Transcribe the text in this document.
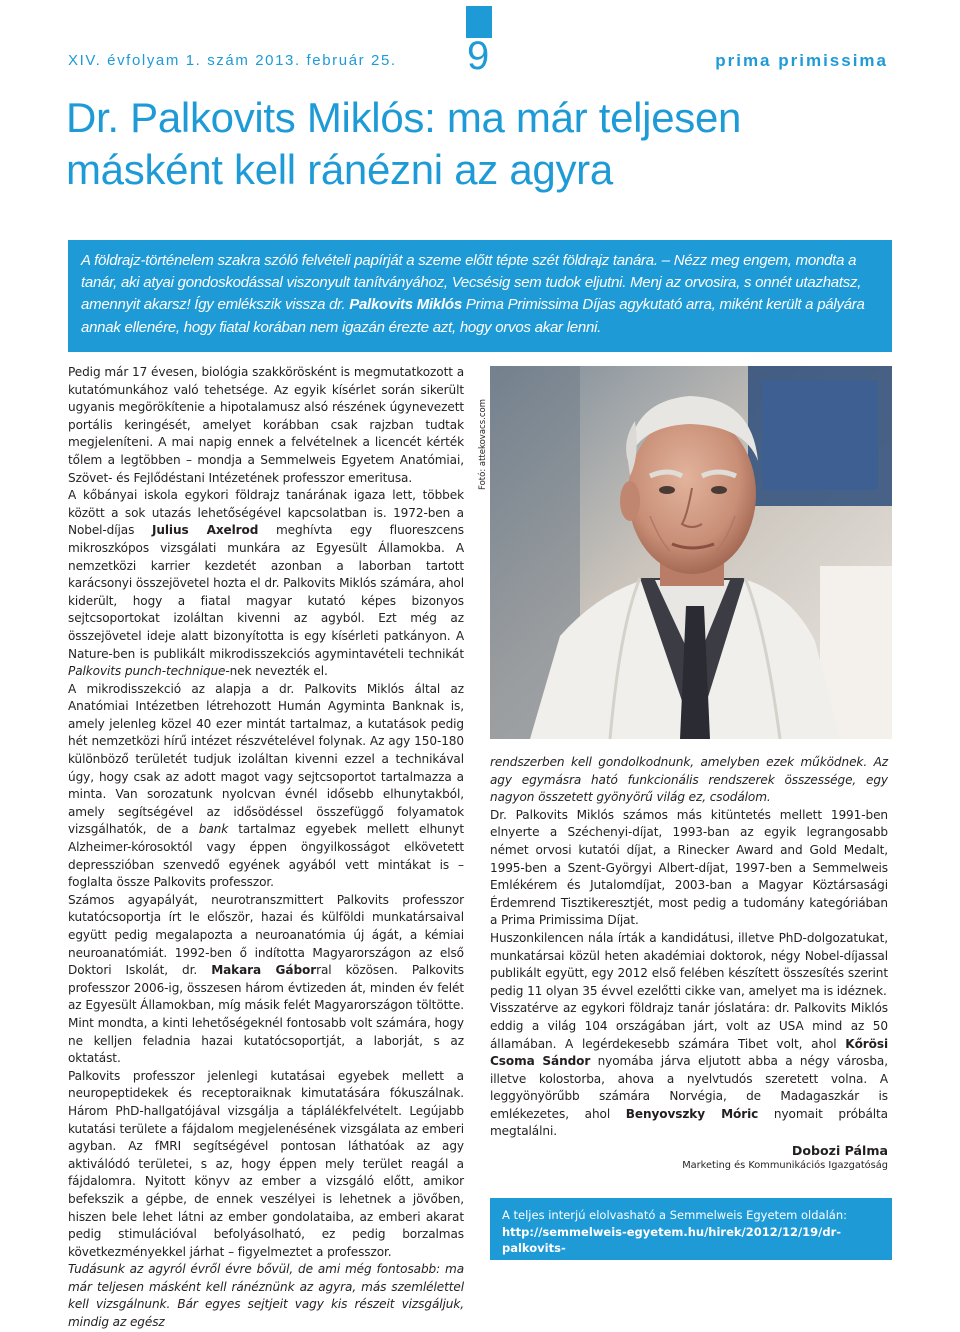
XIV. évfolyam 1. szám 2013. február 25. 9	prima primissima
Dr. Palkovits Miklós: ma már teljesen másként kell ránézni az agyra

A földrajz-történelem szakra szóló felvételi papírját a szeme előtt tépte szét földrajz tanára. – Nézz meg engem, mondta a tanár, aki atyai gondoskodással viszonyult tanítványához, Vecsésig sem tudok eljutni. Menj az orvosira, s onnét utazhatsz, amennyit akarsz! Így emlékszik vissza dr. Palkovits Miklós Prima Primissima Díjas agykutató arra, miként került a pályára annak ellenére, hogy fiatal korában nem igazán érezte azt, hogy orvos akar lenni.

Pedig már 17 évesen, biológia szakkörösként is megmutatkozott a kutatómunkához való tehetsége. Az egyik kísérlet során sikerült ugyanis megörökítenie a hipotalamusz alsó részének úgynevezett portális keringését, amelyet korábban csak rajzban tudtak megjeleníteni. A mai napig ennek a felvételnek a licencét kérték tőlem a legtöbben – mondja a Semmelweis Egyetem Anatómiai, Szövet- és Fejlődéstani Intézetének professzor emeritusa.

A kőbányai iskola egykori földrajz tanárának igaza lett, többek között a sok utazás lehetőségével kapcsolatban is. 1972-ben a Nobel-díjas Julius Axelrod meghívta egy fluoreszcens mikroszkópos vizsgálati munkára az Egyesült Államokba. A nemzetközi karrier kezdetét azonban a laborban tartott karácsonyi összejövetel hozta el dr. Palkovits Miklós számára, ahol kiderült, hogy a fiatal magyar kutató képes bizonyos sejtcsoportokat izoláltan kivenni az agyból. Ezt még az összejövetel ideje alatt bizonyította is egy kísérleti patkányon. A Nature-ben is publikált mikrodisszekciós agymintavételi technikát Palkovits punch-technique-nek nevezték el.

A mikrodisszekció az alapja a dr. Palkovits Miklós által az Anatómiai Intézetben létrehozott Humán Agyminta Banknak is, amely jelenleg közel 40 ezer mintát tartalmaz, a kutatások pedig hét nemzetközi hírű intézet részvételével folynak. Az agy 150-180 különböző területét tudjuk izoláltan kivenni ezzel a technikával úgy, hogy csak az adott magot vagy sejtcsoportot tartalmazza a minta. Van sorozatunk nyolcvan évnél idősebb elhunytakból, amely segítségével az idősödéssel összefüggő folyamatok vizsgálhatók, de a bank tartalmaz egyebek mellett elhunyt Alzheimer-kórosoktól vagy éppen öngyilkosságot elkövetett depresszióban szenvedő egyének agyából vett mintákat is – foglalta össze Palkovits professzor.

Számos agyapályát, neurotranszmittert Palkovits professzor kutatócsoportja írt le először, hazai és külföldi munkatársaival együtt pedig megalapozta a neuroanatómia új ágát, a kémiai neuroanatómiát. 1992-ben ő indította Magyarországon az első Doktori Iskolát, dr. Makara Gáborral közösen. Palkovits professzor 2006-ig, összesen három évtizeden át, minden év felét az Egyesült Államokban, míg másik felét Magyarországon töltötte. Mint mondta, a kinti lehetőségeknél fontosabb volt számára, hogy ne kelljen feladnia hazai kutatócsoportját, a laborját, s az oktatást.

Palkovits professzor jelenlegi kutatásai egyebek mellett a neuropeptidekek és receptoraiknak kimutatására fókuszálnak. Három PhD-hallgatójával vizsgálja a táplálékfelvételt. Legújabb kutatási területe a fájdalom megjelenésének vizsgálata az emberi agyban. Az fMRI segítségével pontosan láthatóak az agy aktiválódó területei, s az, hogy éppen mely terület reagál a fájdalomra. Nyitott könyv az ember a vizsgáló előtt, amikor befekszik a gépbe, de ennek veszélyei is lehetnek a jövőben, hiszen bele lehet látni az ember gondolataiba, az emberi akarat pedig stimulációval befolyásolható, ez pedig borzalmas következményekkel járhat – figyelmeztet a professzor.

Tudásunk az agyról évről évre bővül, de ami még fontosabb: ma már teljesen másként kell ránéznünk az agyra, más szemlélettel kell vizsgálnunk. Bár egyes sejtjeit vagy kis részeit vizsgáljuk, mindig az egész

Fotó: attekovacs.com

rendszerben kell gondolkodnunk, amelyben ezek működnek. Az agy egymásra ható funkcionális rendszerek összessége, egy nagyon összetett gyönyörű világ ez, csodálom.

Dr. Palkovits Miklós számos más kitüntetés mellett 1991-ben elnyerte a Széchenyi-díjat, 1993-ban az egyik legrangosabb német orvosi kutatói díjat, a Rinecker Award and Gold Medalt, 1995-ben a Szent-Györgyi Albert-díjat, 1997-ben a Semmelweis Emlékérem és Jutalomdíjat, 2003-ban a Magyar Köztársasági Érdemrend Tisztikeresztjét, most pedig a tudomány kategóriában a Prima Primissima Díjat.

Huszonkilencen nála írták a kandidátusi, illetve PhD-dolgozatukat, munkatársai közül heten akadémiai doktorok, négy Nobel-díjassal publikált együtt, egy 2012 első felében készített összesítés szerint pedig 11 olyan 35 évvel ezelőtti cikke van, amelyet ma is idéznek.

Visszatérve az egykori földrajz tanár jóslatára: dr. Palkovits Miklós eddig a világ 104 országában járt, volt az USA mind az 50 államában. A legérdekesebb számára Tibet volt, ahol Kőrösi Csoma Sándor nyomába járva eljutott abba a négy városba, illetve kolostorba, ahova a nyelvtudós szeretett volna. A leggyönyörűbb számára Norvégia, de Madagaszkár is emlékezetes, ahol Benyovszky Móric nyomait próbálta megtalálni.

Dobozi Pálma

Marketing és Kommunikációs Igazgatóság

A teljes interjú elolvasható a Semmelweis Egyetem oldalán:

http://semmelweis-egyetem.hu/hirek/2012/12/19/dr-palkovits-
miklos-ma-mar-teljesen-maskent-kell-ranezni-az-agyra/
